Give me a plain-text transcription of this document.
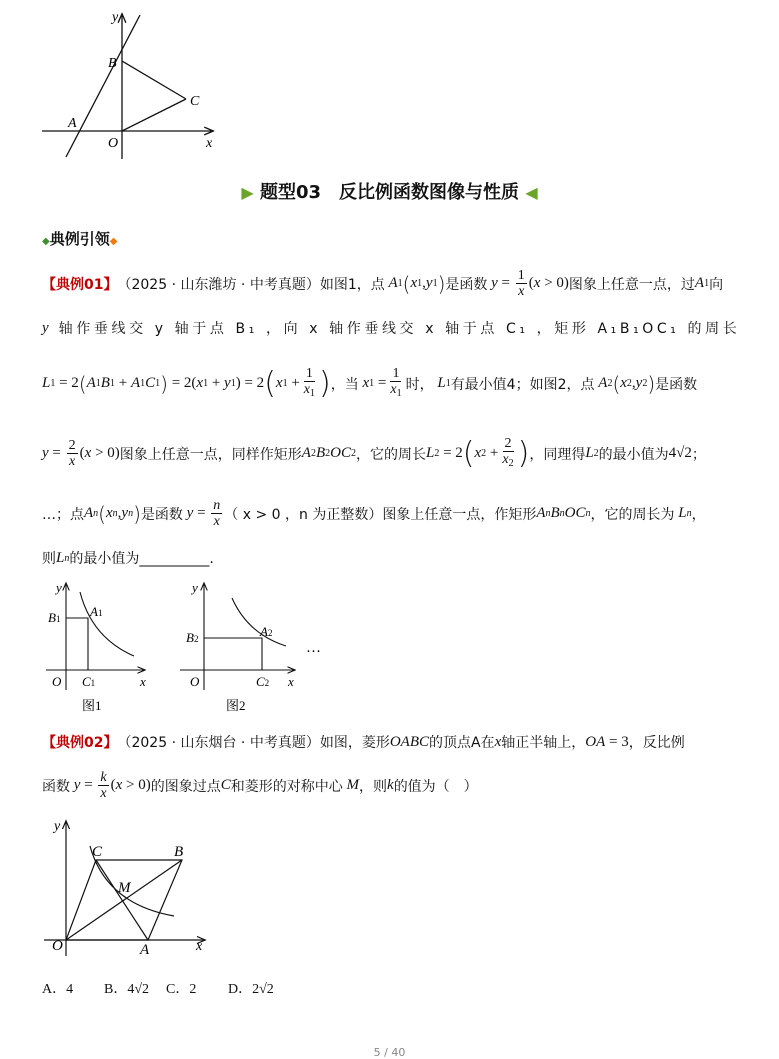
y
x
B
C
A
O
▶ 题型03　反比例函数图像与性质 ◀
◆典例引领◆
【典例01】 （2025 · 山东潍坊 · 中考真题）如图1，点 A 1 ( x 1 , y 1 ) 是函数 $y = \frac{1}{x}$ ( x > 0) 图象上任意一点，过 A 1 向
y 轴作垂线交 y 轴于点 B₁ ，向 x 轴作垂线交 x 轴于点 C₁ ，矩形 A₁B₁OC₁ 的周长
L 1 = 2 ( A 1 B 1 + A 1 C 1 ) = 2( x 1 + y 1 ) = 2 ( x $1 + \frac{1}{x_1}$ ) ，当 x $1 = \frac{1}{x_1}$ 时， L 1 有最小值4；如图2，点 A 2 ( x 2 , y 2 ) 是函数
$y = \frac{2}{x}$ ( x > 0) 图象上任意一点，同样作矩形 A 2 B 2 OC 2 ，它的周长 L 2 = 2 ( x $2 + \frac{2}{x_2}$ ) ，同理得 L 2 的最小值为 4√2 ；
…；点 A n ( x n , y n ) 是函数 $y = \frac{n}{x}$ （ x > 0 ，n 为正整数）图象上任意一点，作矩形 A n B n OC n ，它的周长为 L n ，
则 L n 的最小值为__________.
y
x
B1 A1
O C1
图1
y
x
B2	A2
O	C2
图2
…
【典例02】 （2025 · 山东烟台 · 中考真题）如图，菱形 OABC 的顶点A在 x 轴正半轴上， OA = 3 ，反比例
函数 $y = \frac{k}{x}$ ( x > 0) 的图象过点 C 和菱形的对称中心 M ，则 k 的值为（　）
y
x
C	B
M
O	A
A．4 B．4√2 C．2 D．2√2
5 / 40
